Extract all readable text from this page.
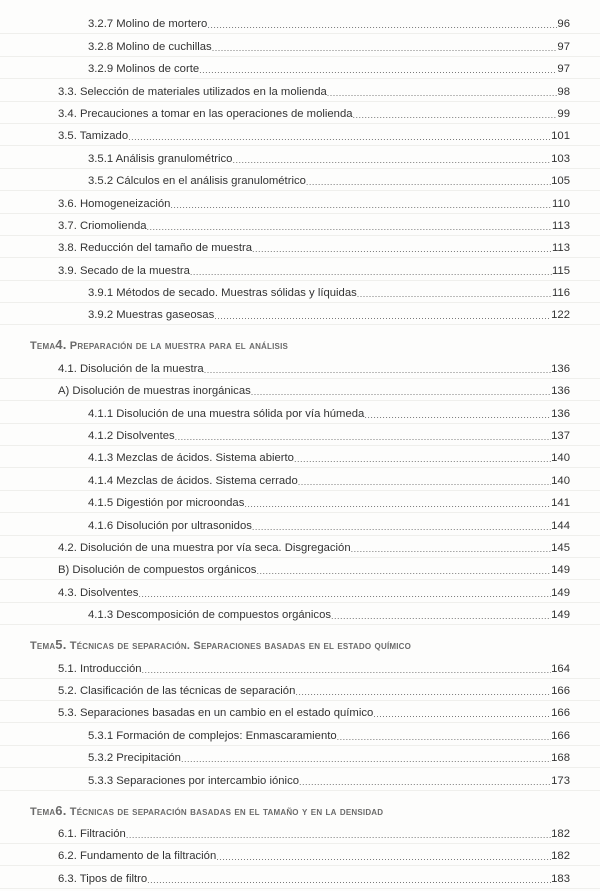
3.2.7 Molino de mortero .....	96
3.2.8 Molino de cuchillas .....	97
3.2.9 Molinos de corte .....	97
3.3. Selección de materiales utilizados en la molienda .....	98
3.4. Precauciones a tomar en las operaciones de molienda .....	99
3.5. Tamizado .....	101
3.5.1 Análisis granulométrico .....	103
3.5.2 Cálculos en el análisis granulométrico .....	105
3.6. Homogeneización .....	110
3.7. Criomolienda .....	113
3.8. Reducción del tamaño de muestra .....	113
3.9. Secado de la muestra .....	115
3.9.1 Métodos de secado. Muestras sólidas y líquidas .....	116
3.9.2 Muestras gaseosas .....	122
Tema 4. Preparación de la muestra para el análisis
4.1. Disolución de la muestra .....	136
A) Disolución de muestras inorgánicas .....	136
4.1.1 Disolución de una muestra sólida por vía húmeda .....	136
4.1.2 Disolventes .....	137
4.1.3 Mezclas de ácidos. Sistema abierto .....	140
4.1.4 Mezclas de ácidos. Sistema cerrado .....	140
4.1.5 Digestión por microondas .....	141
4.1.6 Disolución por ultrasonidos .....	144
4.2. Disolución de una muestra por vía seca. Disgregación .....	145
B) Disolución de compuestos orgánicos .....	149
4.3. Disolventes .....	149
4.1.3 Descomposición de compuestos orgánicos .....	149
Tema 5. Técnicas de separación. Separaciones basadas en el estado químico
5.1. Introducción .....	164
5.2. Clasificación de las técnicas de separación .....	166
5.3. Separaciones basadas en un cambio en el estado químico .....	166
5.3.1 Formación de complejos: Enmascaramiento .....	166
5.3.2 Precipitación .....	168
5.3.3 Separaciones por intercambio iónico .....	173
Tema 6. Técnicas de separación basadas en el tamaño y en la densidad
6.1. Filtración .....	182
6.2. Fundamento de la filtración .....	182
6.3. Tipos de filtro .....	183
